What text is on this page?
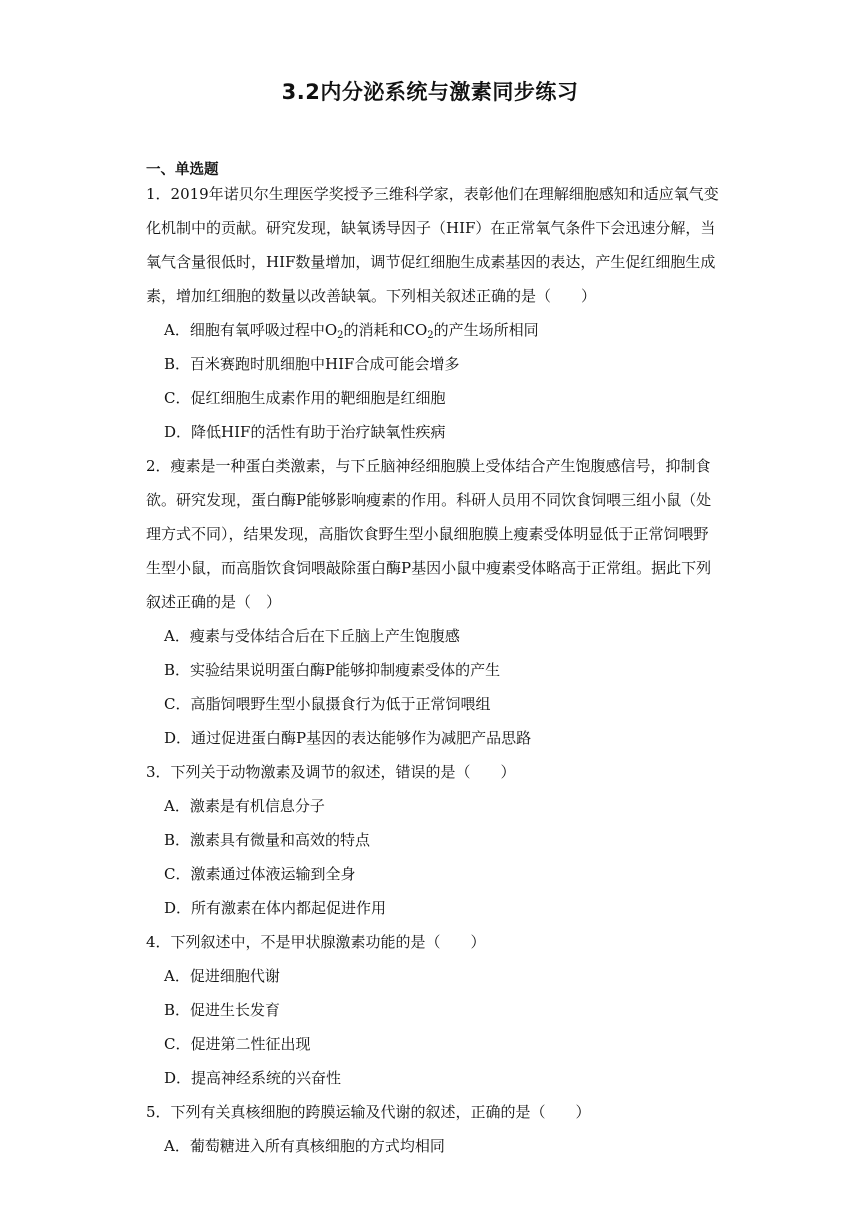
3.2内分泌系统与激素同步练习
一、单选题
1．2019年诺贝尔生理医学奖授予三维科学家，表彰他们在理解细胞感知和适应氧气变
化机制中的贡献。研究发现，缺氧诱导因子（HIF）在正常氧气条件下会迅速分解，当
氧气含量很低时，HIF数量增加，调节促红细胞生成素基因的表达，产生促红细胞生成
素，增加红细胞的数量以改善缺氧。下列相关叙述正确的是（　　）
A．细胞有氧呼吸过程中$O_2$的消耗和$CO_2$的产生场所相同
B．百米赛跑时肌细胞中HIF合成可能会增多
C．促红细胞生成素作用的靶细胞是红细胞
D．降低HIF的活性有助于治疗缺氧性疾病
2．瘦素是一种蛋白类激素，与下丘脑神经细胞膜上受体结合产生饱腹感信号，抑制食
欲。研究发现，蛋白酶P能够影响瘦素的作用。科研人员用不同饮食饲喂三组小鼠（处
理方式不同），结果发现，高脂饮食野生型小鼠细胞膜上瘦素受体明显低于正常饲喂野
生型小鼠，而高脂饮食饲喂敲除蛋白酶P基因小鼠中瘦素受体略高于正常组。据此下列
叙述正确的是（　）
A．瘦素与受体结合后在下丘脑上产生饱腹感
B．实验结果说明蛋白酶P能够抑制瘦素受体的产生
C．高脂饲喂野生型小鼠摄食行为低于正常饲喂组
D．通过促进蛋白酶P基因的表达能够作为减肥产品思路
3．下列关于动物激素及调节的叙述，错误的是（　　）
A．激素是有机信息分子
B．激素具有微量和高效的特点
C．激素通过体液运输到全身
D．所有激素在体内都起促进作用
4．下列叙述中，不是甲状腺激素功能的是（　　）
A．促进细胞代谢
B．促进生长发育
C．促进第二性征出现
D．提高神经系统的兴奋性
5．下列有关真核细胞的跨膜运输及代谢的叙述，正确的是（　　）
A．葡萄糖进入所有真核细胞的方式均相同
